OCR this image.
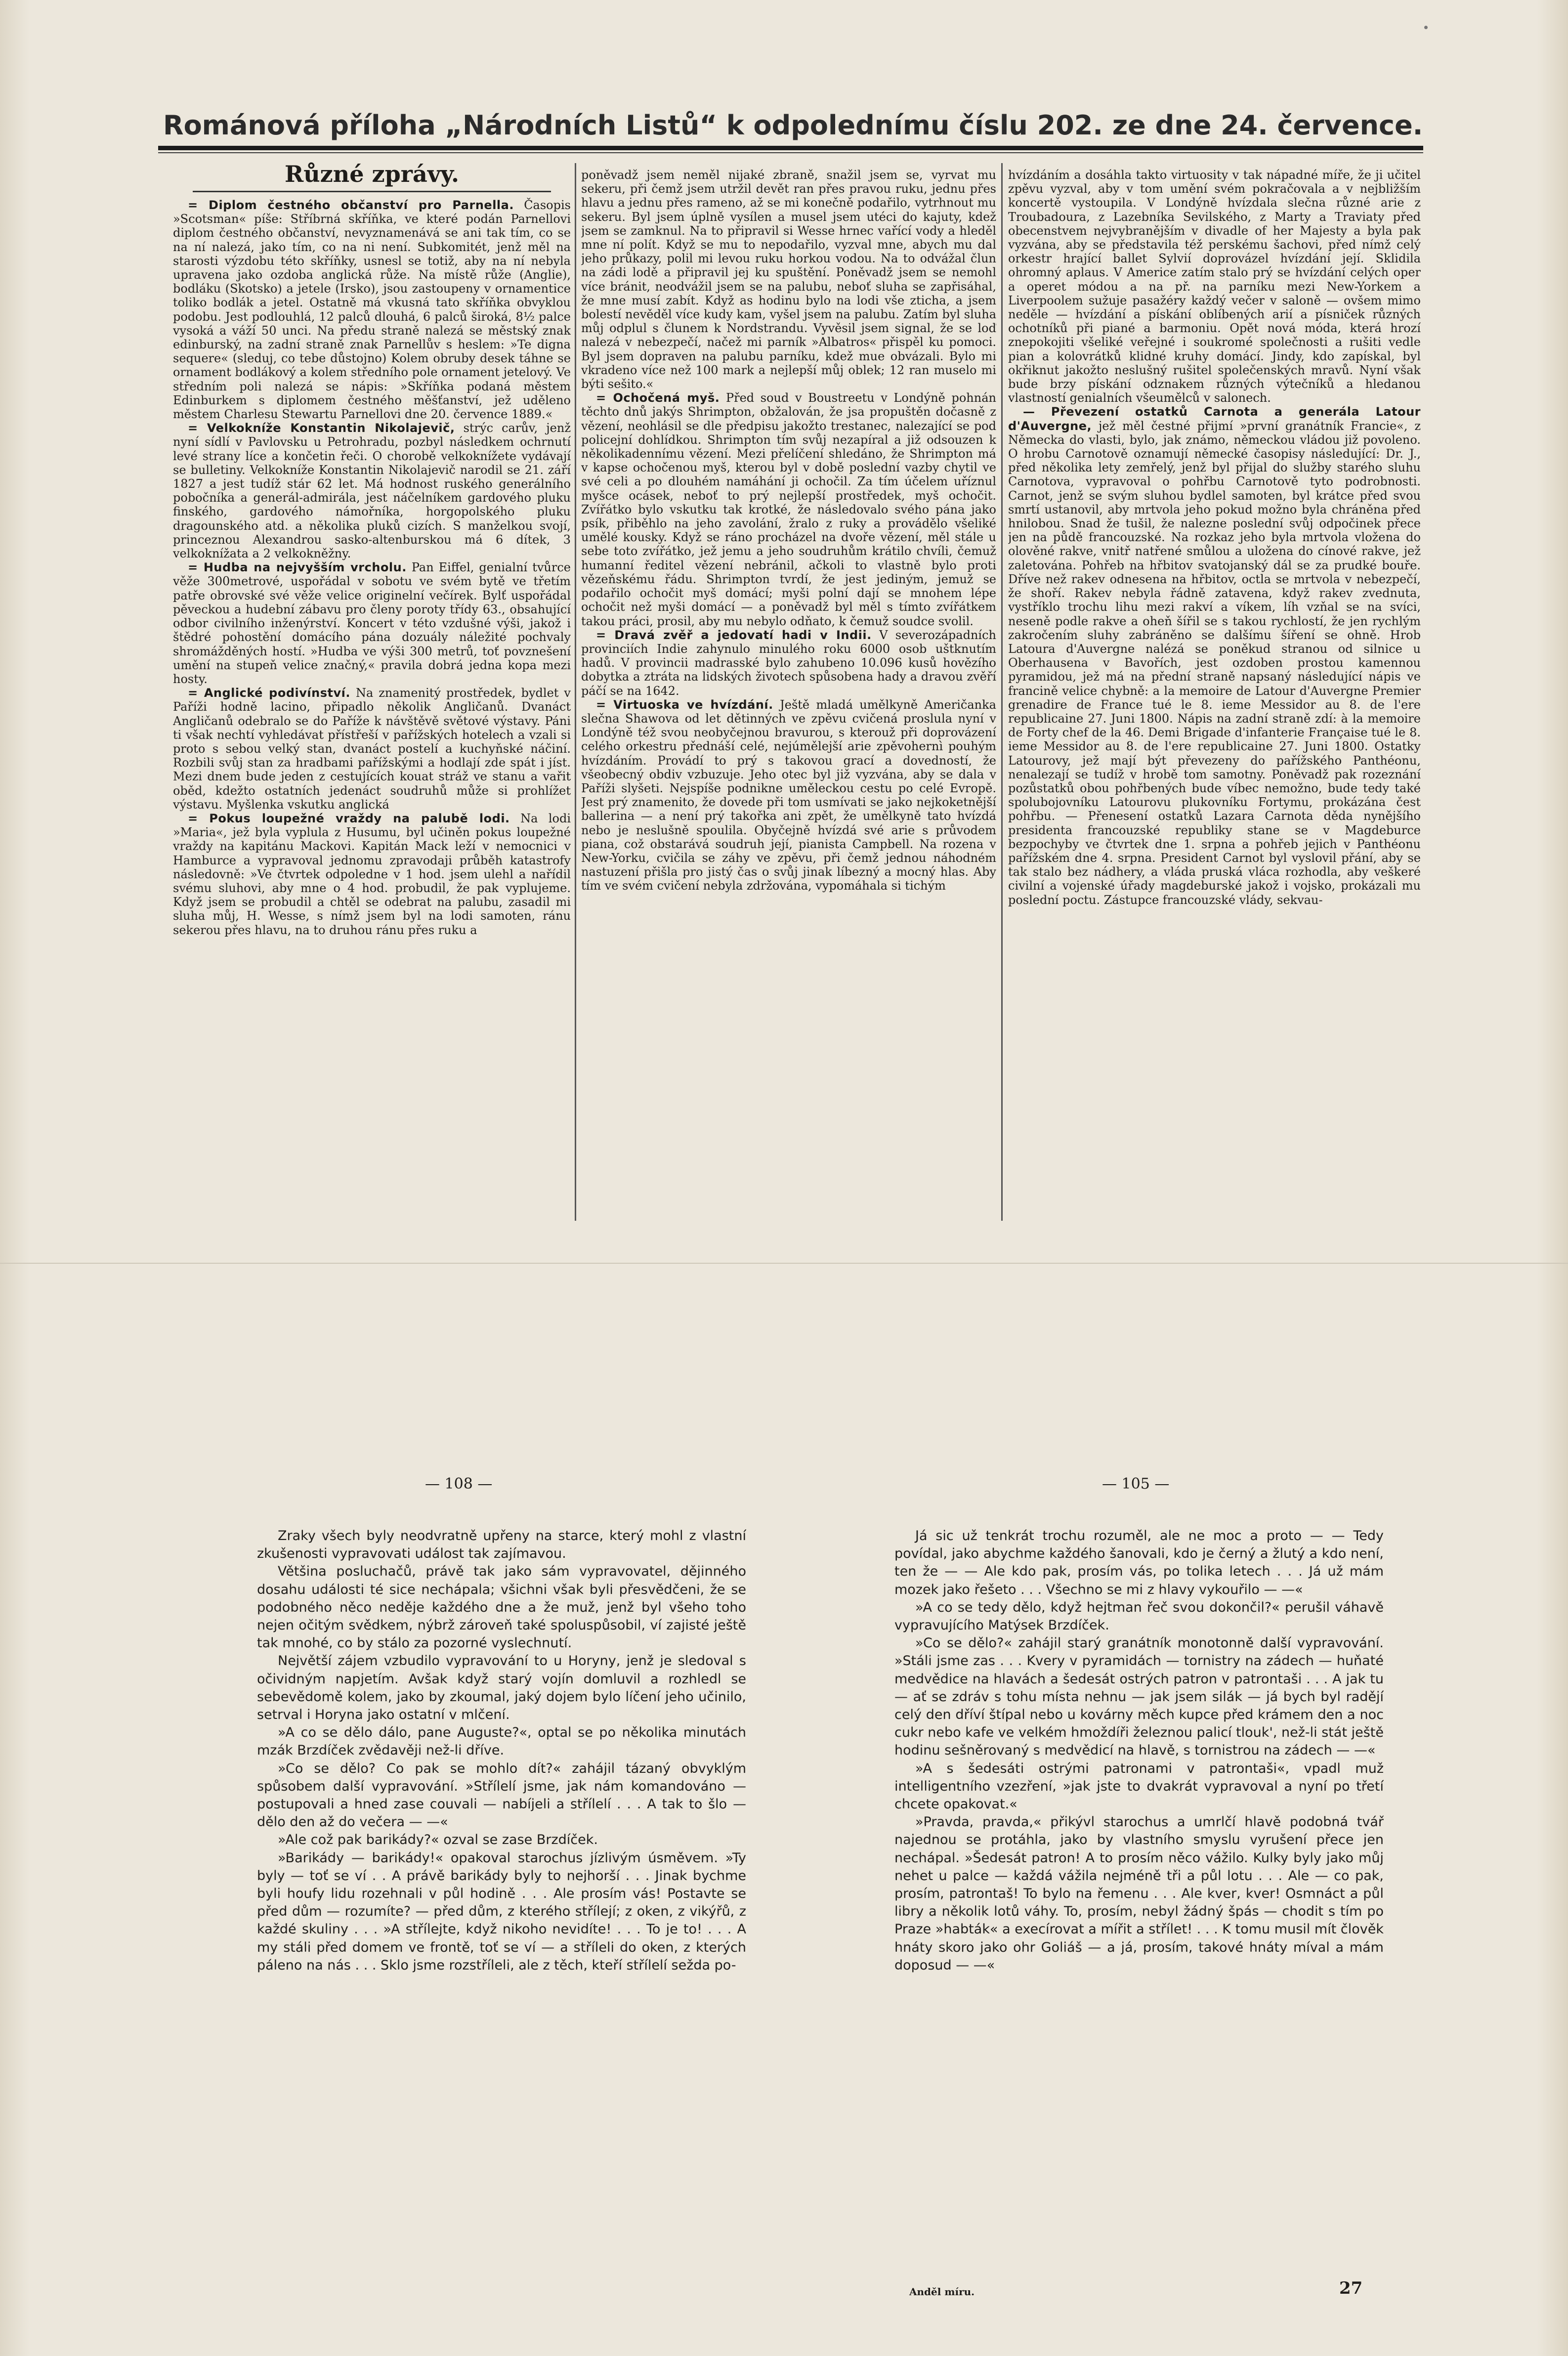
Románová příloha „Národních Listů“ k odpolednímu číslu 202. ze dne 24. července.
Různé zprávy.

= Diplom čestného občanství pro Parnella. Časopis »Scotsman« píše: Stříbrná skříňka, ve které podán Parnellovi diplom čestného občanství, nevyznamenává se ani tak tím, co se na ní nalezá, jako tím, co na ni není. Subkomitét, jenž měl na starosti výzdobu této skříňky, usnesl se totiž, aby na ní nebyla upravena jako ozdoba anglická růže. Na místě růže (Anglie), bodláku (Skotsko) a jetele (Irsko), jsou zastoupeny v ornamentice toliko bodlák a jetel. Ostatně má vkusná tato skříňka obvyklou podobu. Jest podlouhlá, 12 palců dlouhá, 6 palců široká, 8½ palce vysoká a váží 50 unci. Na předu straně nalezá se městský znak edinburský, na zadní straně znak Parnellův s heslem: »Te digna sequere« (sleduj, co tebe důstojno) Kolem obruby desek táhne se ornament bodlákový a kolem středního pole ornament jetelový. Ve středním poli nalezá se nápis: »Skříňka podaná městem Edinburkem s diplomem čestného měšťanství, jež uděleno městem Charlesu Stewartu Parnellovi dne 20. července 1889.«

= Velkokníže Konstantin Nikolajevič, strýc carův, jenž nyní sídlí v Pavlovsku u Petrohradu, pozbyl následkem ochrnutí levé strany líce a končetin řeči. O chorobě velkoknížete vydávají se bulletiny. Velkokníže Konstantin Nikolajevič narodil se 21. září 1827 a jest tudíž stár 62 let. Má hodnost ruského generálního pobočníka a generál-admirála, jest náčelníkem gardového pluku finského, gardového námořníka, horgopolského pluku dragounského atd. a několika pluků cizích. S manželkou svojí, princeznou Alexandrou sasko-altenburskou má 6 dítek, 3 velkoknížata a 2 velkokněžny.

= Hudba na nejvyšším vrcholu. Pan Eiffel, genialní tvůrce věže 300metrové, uspořádal v sobotu ve svém bytě ve třetím patře obrovské své věže velice originelní večírek. Bylť uspořádal pěveckou a hudební zábavu pro členy poroty třídy 63., obsahující odbor civilního inženýrství. Koncert v této vzdušné výši, jakož i štědré pohostění domácího pána dozuály náležité pochvaly shromážděných hostí. »Hudba ve výši 300 metrů, toť povznešení umění na stupeň velice značný,« pravila dobrá jedna kopa mezi hosty.

= Anglické podivínství. Na znamenitý prostředek, bydlet v Paříži hodně lacino, připadlo několik Angličanů. Dvanáct Angličanů odebralo se do Paříže k návštěvě světové výstavy. Páni ti však nechtí vyhledávat přístřeší v pařížských hotelech a vzali si proto s sebou velký stan, dvanáct postelí a kuchyňské náčiní. Rozbili svůj stan za hradbami pařížskými a hodlají zde spát i jíst. Mezi dnem bude jeden z cestujících kouat stráž ve stanu a vařit oběd, kdežto ostatních jedenáct soudruhů může si prohlížet výstavu. Myšlenka vskutku anglická

= Pokus loupežné vraždy na palubě lodi. Na lodi »Maria«, jež byla vyplula z Husumu, byl učiněn pokus loupežné vraždy na kapitánu Mackovi. Kapitán Mack leží v nemocnici v Hamburce a vypravoval jednomu zpravodaji průběh katastrofy následovně: »Ve čtvrtek odpoledne v 1 hod. jsem ulehl a nařídil svému sluhovi, aby mne o 4 hod. probudil, že pak vyplujeme. Když jsem se probudil a chtěl se odebrat na palubu, zasadil mi sluha můj, H. Wesse, s nímž jsem byl na lodi samoten, ránu sekerou přes hlavu, na to druhou ránu přes ruku a

poněvadž jsem neměl nijaké zbraně, snažil jsem se, vyrvat mu sekeru, při čemž jsem utržil devět ran přes pravou ruku, jednu přes hlavu a jednu přes rameno, až se mi konečně podařilo, vytrhnout mu sekeru. Byl jsem úplně vysílen a musel jsem utéci do kajuty, kdež jsem se zamknul. Na to připravil si Wesse hrnec vařící vody a hleděl mne ní polít. Když se mu to nepodařilo, vyzval mne, abych mu dal jeho průkazy, polil mi levou ruku horkou vodou. Na to odvážal člun na zádi lodě a připravil jej ku spuštění. Poněvadž jsem se nemohl více bránit, neodvážil jsem se na palubu, neboť sluha se zapřisáhal, že mne musí zabít. Když as hodinu bylo na lodi vše zticha, a jsem bolestí nevěděl více kudy kam, vyšel jsem na palubu. Zatím byl sluha můj odplul s člunem k Nordstrandu. Vyvěsil jsem signal, že se loď nalezá v nebezpečí, načež mi parník »Albatros« přispěl ku pomoci. Byl jsem dopraven na palubu parníku, kdež mue obvázali. Bylo mi vkradeno více než 100 mark a nejlepší můj oblek; 12 ran muselo mi býti sešito.«

= Ochočená myš. Před soud v Boustreetu v Londýně pohnán těchto dnů jakýs Shrimpton, obžalován, že jsa propuštěn dočasně z vězení, neohlásil se dle předpisu jakožto trestanec, nalezající se pod policejní dohlídkou. Shrimpton tím svůj nezapíral a již odsouzen k několikadennímu vězení. Mezi přelíčení shledáno, že Shrimpton má v kapse ochočenou myš, kterou byl v době poslední vazby chytil ve své celi a po dlouhém namáhání ji ochočil. Za tím účelem uříznul myšce ocásek, neboť to prý nejlepší prostředek, myš ochočit. Zvířátko bylo vskutku tak krotké, že následovalo svého pána jako psík, přiběhlo na jeho zavolání, žralo z ruky a provádělo všeliké umělé kousky. Když se ráno procházel na dvoře vězení, měl stále u sebe toto zvířátko, jež jemu a jeho soudruhům krátilo chvíli, čemuž humanní ředitel vězení nebránil, ačkoli to vlastně bylo proti vězeňskému řádu. Shrimpton tvrdí, že jest jediným, jemuž se podařilo ochočit myš domácí; myši polní dají se mnohem lépe ochočit než myši domácí — a poněvadž byl měl s tímto zvířátkem takou práci, prosil, aby mu nebylo odňato, k čemuž soudce svolil.

= Dravá zvěř a jedovatí hadi v Indii. V severozápadních provinciích Indie zahynulo minulého roku 6000 osob uštknutím hadů. V provincii madrasské bylo zahubeno 10.096 kusů hovězího dobytka a ztráta na lidských životech spůsobena hady a dravou zvěří páčí se na 1642.

= Virtuoska ve hvízdání. Ještě mladá umělkyně Američanka slečna Shawova od let dětinných ve zpěvu cvičená proslula nyní v Londýně též svou neobyčejnou bravurou, s kterouž při doprovázení celého orkestru přednáší celé, nejúmělejší arie zpěvohernì pouhým hvízdáním. Provádí to prý s takovou grací a dovedností, že všeobecný obdiv vzbuzuje. Jeho otec byl již vyzvána, aby se dala v Paříži slyšeti. Nejspíše podnikne uměleckou cestu po celé Evropě. Jest prý znamenito, že dovede při tom usmívati se jako nejkoketnější ballerina — a není prý takořka ani zpět, že umělkyně tato hvízdá nebo je neslušně spoulila. Obyčejně hvízdá své arie s průvodem piana, což obstarává soudruh její, pianista Campbell. Na rozena v New-Yorku, cvičila se záhy ve zpěvu, při čemž jednou náhodném nastuzení přišla pro jistý čas o svůj jinak líbezný a mocný hlas. Aby tím ve svém cvičení nebyla zdržována, vypomáhala si tichým

hvízdáním a dosáhla takto virtuosity v tak nápadné míře, že ji učitel zpěvu vyzval, aby v tom umění svém pokračovala a v nejbližším koncertě vystoupila. V Londýně hvízdala slečna různé arie z Troubadoura, z Lazebníka Sevilského, z Marty a Traviaty před obecenstvem nejvybranějším v divadle of her Majesty a byla pak vyzvána, aby se představila též perskému šachovi, před nímž celý orkestr hrající ballet Sylvií doprovázel hvízdání její. Sklidila ohromný aplaus. V Americe zatím stalo prý se hvízdání celých oper a operet módou a na př. na parníku mezi New-Yorkem a Liverpoolem sužuje pasažéry každý večer v saloně — ovšem mimo neděle — hvízdání a pískání oblíbených arií a písniček různých ochotníků při piané a barmoniu. Opět nová móda, která hrozí znepokojiti všeliké veřejné i soukromé společnosti a rušiti vedle pian a kolovrátků klidné kruhy domácí. Jindy, kdo zapískal, byl okřiknut jakožto neslušný rušitel společenských mravů. Nyní však bude brzy pískání odznakem různých výtečníků a hledanou vlastností genialních všeumělců v salonech.

— Převezení ostatků Carnota a generála Latour d'Auvergne, jež měl čestné přijmí »první granátník Francie«, z Německa do vlasti, bylo, jak známo, německou vládou již povoleno. O hrobu Carnotově oznamují německé časopisy následující: Dr. J., před několika lety zemřelý, jenž byl přijal do služby starého sluhu Carnotova, vypravoval o pohřbu Carnotově tyto podrobnosti. Carnot, jenž se svým sluhou bydlel samoten, byl krátce před svou smrtí ustanovil, aby mrtvola jeho pokud možno byla chráněna před hnilobou. Snad že tušil, že nalezne poslední svůj odpočinek přece jen na půdě francouzské. Na rozkaz jeho byla mrtvola vložena do olověné rakve, vnitř natřené smůlou a uložena do cínové rakve, jež zaletována. Pohřeb na hřbitov svatojanský dál se za prudké bouře. Dříve než rakev odnesena na hřbitov, octla se mrtvola v nebezpečí, že shoří. Rakev nebyla řádně zatavena, když rakev zvednuta, vystříklo trochu lihu mezi rakví a víkem, líh vzňal se na svíci, neseně podle rakve a oheň šířil se s takou rychlostí, že jen rychlým zakročením sluhy zabráněno se dalšímu šíření se ohně. Hrob Latoura d'Auvergne nalézá se poněkud stranou od silnice u Oberhausena v Bavořích, jest ozdoben prostou kamennou pyramidou, jež má na přední straně napsaný následující nápis ve francině velice chybně: a la memoire de Latour d'Auvergne Premier grenadire de France tué le 8. ieme Messidor au 8. de l'ere republicaine 27. Juni 1800. Nápis na zadní straně zdí: à la memoire de Forty chef de la 46. Demi Brigade d'infanterie Française tué le 8. ieme Messidor au 8. de l'ere republicaine 27. Juni 1800. Ostatky Latourovy, jež mají být převezeny do pařížského Panthéonu, nenalezají se tudíž v hrobě tom samotny. Poněvadž pak rozeznání pozůstatků obou pohřbených bude víbec nemožno, bude tedy také spolubojovníku Latourovu plukovníku Fortymu, prokázána čest pohřbu. — Přenesení ostatků Lazara Carnota děda nynějšího presidenta francouzské republiky stane se v Magdeburce bezpochyby ve čtvrtek dne 1. srpna a pohřeb jejich v Panthéonu pařížském dne 4. srpna. President Carnot byl vyslovil přání, aby se tak stalo bez nádhery, a vláda pruská vláca rozhodla, aby veškeré civilní a vojenské úřady magdeburské jakož i vojsko, prokázali mu poslední poctu. Zástupce francouzské vlády, sekvau-

— 108 —	— 105 —

Zraky všech byly neodvratně upřeny na starce, který mohl z vlastní zkušenosti vypravovati událost tak zajímavou.

Většina posluchačů, právě tak jako sám vypravovatel, dějinného dosahu události té sice nechápala; všichni však byli přesvědčeni, že se podobného něco neděje každého dne a že muž, jenž byl všeho toho nejen očitým svědkem, nýbrž zároveň také spoluspůsobil, ví zajisté ještě tak mnohé, co by stálo za pozorné vyslechnutí.

Největší zájem vzbudilo vypravování to u Horyny, jenž je sledoval s očividným napjetím. Avšak když starý vojín domluvil a rozhledl se sebevědomě kolem, jako by zkoumal, jaký dojem bylo líčení jeho učinilo, setrval i Horyna jako ostatní v mlčení.

»A co se dělo dálo, pane Auguste?«, optal se po několika minutách mzák Brzdíček zvědavěji než-li dříve.

»Co se dělo? Co pak se mohlo dít?« zahájil tázaný obvyklým spůsobem další vypravování. »Střílelí jsme, jak nám komandováno — postupovali a hned zase couvali — nabíjeli a střílelí . . . A tak to šlo — dělo den až do večera — —«

»Ale což pak barikády?« ozval se zase Brzdíček.

»Barikády — barikády!« opakoval starochus jízlivým úsměvem. »Ty byly — toť se ví . . A právě barikády byly to nejhorší . . . Jinak bychme byli houfy lidu rozehnali v půl hodině . . . Ale prosím vás! Postavte se před dům — rozumíte? — před dům, z kterého střílejí; z oken, z vikýřů, z každé skuliny . . . »A střílejte, když nikoho nevidíte! . . . To je to! . . . A my stáli před domem ve frontě, toť se ví — a stříleli do oken, z kterých páleno na nás . . . Sklo jsme rozstříleli, ale z těch, kteří střílelí sežda po-

Já sic už tenkrát trochu rozuměl, ale ne moc a proto — — Tedy povídal, jako abychme každého šanovali, kdo je černý a žlutý a kdo není, ten že — — Ale kdo pak, prosím vás, po tolika letech . . . Já už mám mozek jako řešeto . . . Všechno se mi z hlavy vykouřilo — —«

»A co se tedy dělo, když hejtman řeč svou dokončil?« perušil váhavě vypravujícího Matýsek Brzdíček.

»Co se dělo?« zahájil starý granátník monotonně další vypravování. »Stáli jsme zas . . . Kvery v pyramidách — tornistry na zádech — huňaté medvědice na hlavách a šedesát ostrých patron v patrontaši . . . A jak tu — ať se zdráv s tohu místa nehnu — jak jsem silák — já bych byl radějí celý den dříví štípal nebo u kovárny měch kupce před krámem den a noc cukr nebo kafe ve velkém hmoždíři železnou palicí tlouk', než-li stát ještě hodinu sešněrovaný s medvědicí na hlavě, s tornistrou na zádech — —«

»A s šedesáti ostrými patronami v patrontaši«, vpadl muž intelligentního vzezření, »jak jste to dvakrát vypravoval a nyní po třetí chcete opakovat.«

»Pravda, pravda,« přikývl starochus a umrlčí hlavě podobná tvář najednou se protáhla, jako by vlastního smyslu vyrušení přece jen nechápal. »Šedesát patron! A to prosím něco vážilo. Kulky byly jako můj nehet u palce — každá vážila nejméně tři a půl lotu . . . Ale — co pak, prosím, patrontaš! To bylo na řemenu . . . Ale kver, kver! Osmnáct a půl libry a několik lotů váhy. To, prosím, nebyl žádný špás — chodit s tím po Praze »habták« a execírovat a mířit a střílet! . . . K tomu musil mít člověk hnáty skoro jako ohr Goliáš — a já, prosím, takové hnáty míval a mám doposud — —«

Anděl míru.	27
